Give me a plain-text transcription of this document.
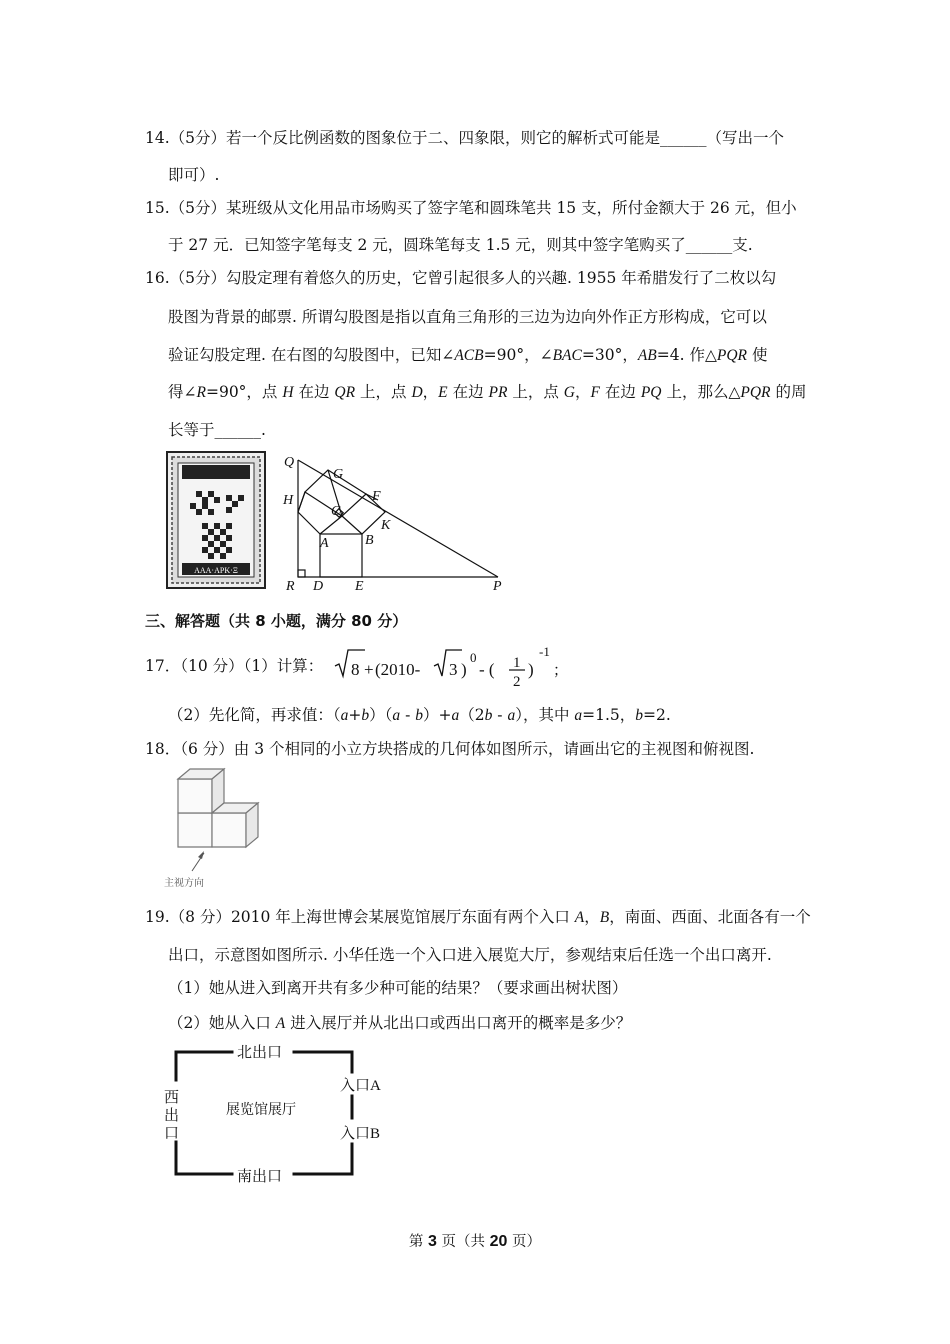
14.（5分）若一个反比例函数的图象位于二、四象限，则它的解析式可能是______（写出一个
即可）.
15.（5分）某班级从文化用品市场购买了签字笔和圆珠笔共 15 支，所付金额大于 26 元，但小
于 27 元．已知签字笔每支 2 元，圆珠笔每支 1.5 元，则其中签字笔购买了______支.
16.（5分）勾股定理有着悠久的历史，它曾引起很多人的兴趣. 1955 年希腊发行了二枚以勾
股图为背景的邮票. 所谓勾股图是指以直角三角形的三边为边向外作正方形构成，它可以
验证勾股定理. 在右图的勾股图中，已知∠ACB=90°，∠BAC=30°，AB=4. 作△PQR 使
得∠R=90°，点 H 在边 QR 上，点 D，E 在边 PR 上，点 G，F 在边 PQ 上，那么△PQR 的周
长等于______.
ΑΑΑ·ΑΡΚ·Ξ
Q
G
H	F
C
K
A	B
R D E	P
三、解答题（共 8 小题，满分 80 分）
17．（10 分）（1）计算： 8 + (2010- 3 )
0
- ( 1
2
)
-1
；
（2）先化简，再求值：（a+b）（a ‐ b）+a（2b ‐ a），其中 a=1.5，b=2.
18．（6 分）由 3 个相同的小立方块搭成的几何体如图所示，请画出它的主视图和俯视图.
主视方向
19.（8 分）2010 年上海世博会某展览馆展厅东面有两个入口 A，B，南面、西面、北面各有一个
出口，示意图如图所示. 小华任选一个入口进入展览大厅，参观结束后任选一个出口离开.
（1）她从进入到离开共有多少种可能的结果？（要求画出树状图）
（2）她从入口 A 进入展厅并从北出口或西出口离开的概率是多少？
北出口
西
出
口
展览馆展厅
入口A
入口B
南出口
第 3 页（共 20 页）
